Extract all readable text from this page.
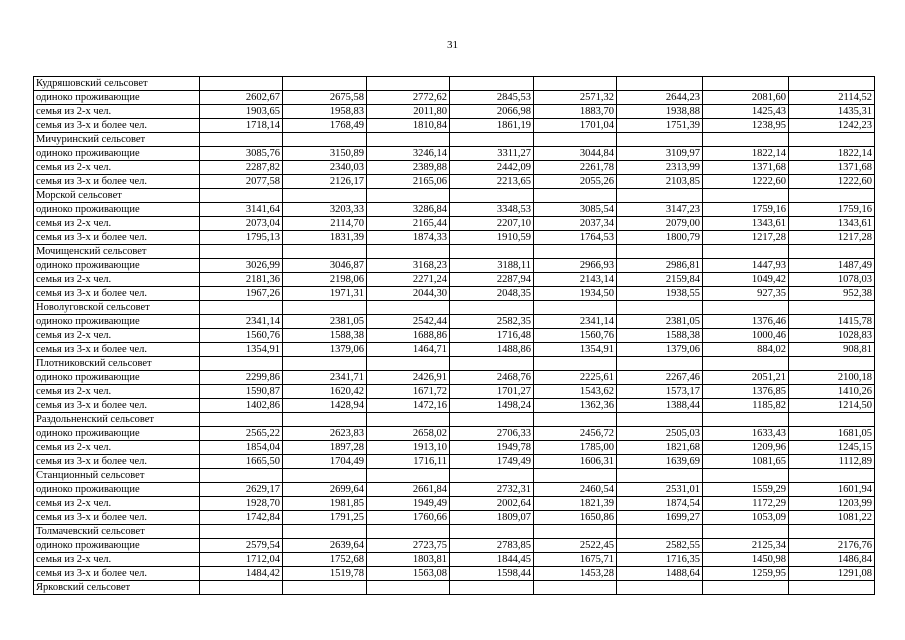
31
Кудряшовский сельсовет								
одиноко проживающие	2602,67	2675,58	2772,62	2845,53	2571,32	2644,23	2081,60	2114,52
семья из 2-х чел.	1903,65	1958,83	2011,80	2066,98	1883,70	1938,88	1425,43	1435,31
семья из 3-х и более чел.	1718,14	1768,49	1810,84	1861,19	1701,04	1751,39	1238,95	1242,23
Мичуринский сельсовет								
одиноко проживающие	3085,76	3150,89	3246,14	3311,27	3044,84	3109,97	1822,14	1822,14
семья из 2-х чел.	2287,82	2340,03	2389,88	2442,09	2261,78	2313,99	1371,68	1371,68
семья из 3-х и более чел.	2077,58	2126,17	2165,06	2213,65	2055,26	2103,85	1222,60	1222,60
Морской сельсовет								
одиноко проживающие	3141,64	3203,33	3286,84	3348,53	3085,54	3147,23	1759,16	1759,16
семья из 2-х чел.	2073,04	2114,70	2165,44	2207,10	2037,34	2079,00	1343,61	1343,61
семья из 3-х и более чел.	1795,13	1831,39	1874,33	1910,59	1764,53	1800,79	1217,28	1217,28
Мочищенский сельсовет								
одиноко проживающие	3026,99	3046,87	3168,23	3188,11	2966,93	2986,81	1447,93	1487,49
семья из 2-х чел.	2181,36	2198,06	2271,24	2287,94	2143,14	2159,84	1049,42	1078,03
семья из 3-х и более чел.	1967,26	1971,31	2044,30	2048,35	1934,50	1938,55	927,35	952,38
Новолуговской сельсовет								
одиноко проживающие	2341,14	2381,05	2542,44	2582,35	2341,14	2381,05	1376,46	1415,78
семья из 2-х чел.	1560,76	1588,38	1688,86	1716,48	1560,76	1588,38	1000,46	1028,83
семья из 3-х и более чел.	1354,91	1379,06	1464,71	1488,86	1354,91	1379,06	884,02	908,81
Плотниковский сельсовет								
одиноко проживающие	2299,86	2341,71	2426,91	2468,76	2225,61	2267,46	2051,21	2100,18
семья из 2-х чел.	1590,87	1620,42	1671,72	1701,27	1543,62	1573,17	1376,85	1410,26
семья из 3-х и более чел.	1402,86	1428,94	1472,16	1498,24	1362,36	1388,44	1185,82	1214,50
Раздольненский сельсовет								
одиноко проживающие	2565,22	2623,83	2658,02	2706,33	2456,72	2505,03	1633,43	1681,05
семья из 2-х чел.	1854,04	1897,28	1913,10	1949,78	1785,00	1821,68	1209,96	1245,15
семья из 3-х и более чел.	1665,50	1704,49	1716,11	1749,49	1606,31	1639,69	1081,65	1112,89
Станционный сельсовет								
одиноко проживающие	2629,17	2699,64	2661,84	2732,31	2460,54	2531,01	1559,29	1601,94
семья из 2-х чел.	1928,70	1981,85	1949,49	2002,64	1821,39	1874,54	1172,29	1203,99
семья из 3-х и более чел.	1742,84	1791,25	1760,66	1809,07	1650,86	1699,27	1053,09	1081,22
Толмачевский сельсовет								
одиноко проживающие	2579,54	2639,64	2723,75	2783,85	2522,45	2582,55	2125,34	2176,76
семья из 2-х чел.	1712,04	1752,68	1803,81	1844,45	1675,71	1716,35	1450,98	1486,84
семья из 3-х и более чел.	1484,42	1519,78	1563,08	1598,44	1453,28	1488,64	1259,95	1291,08
Ярковский сельсовет								
